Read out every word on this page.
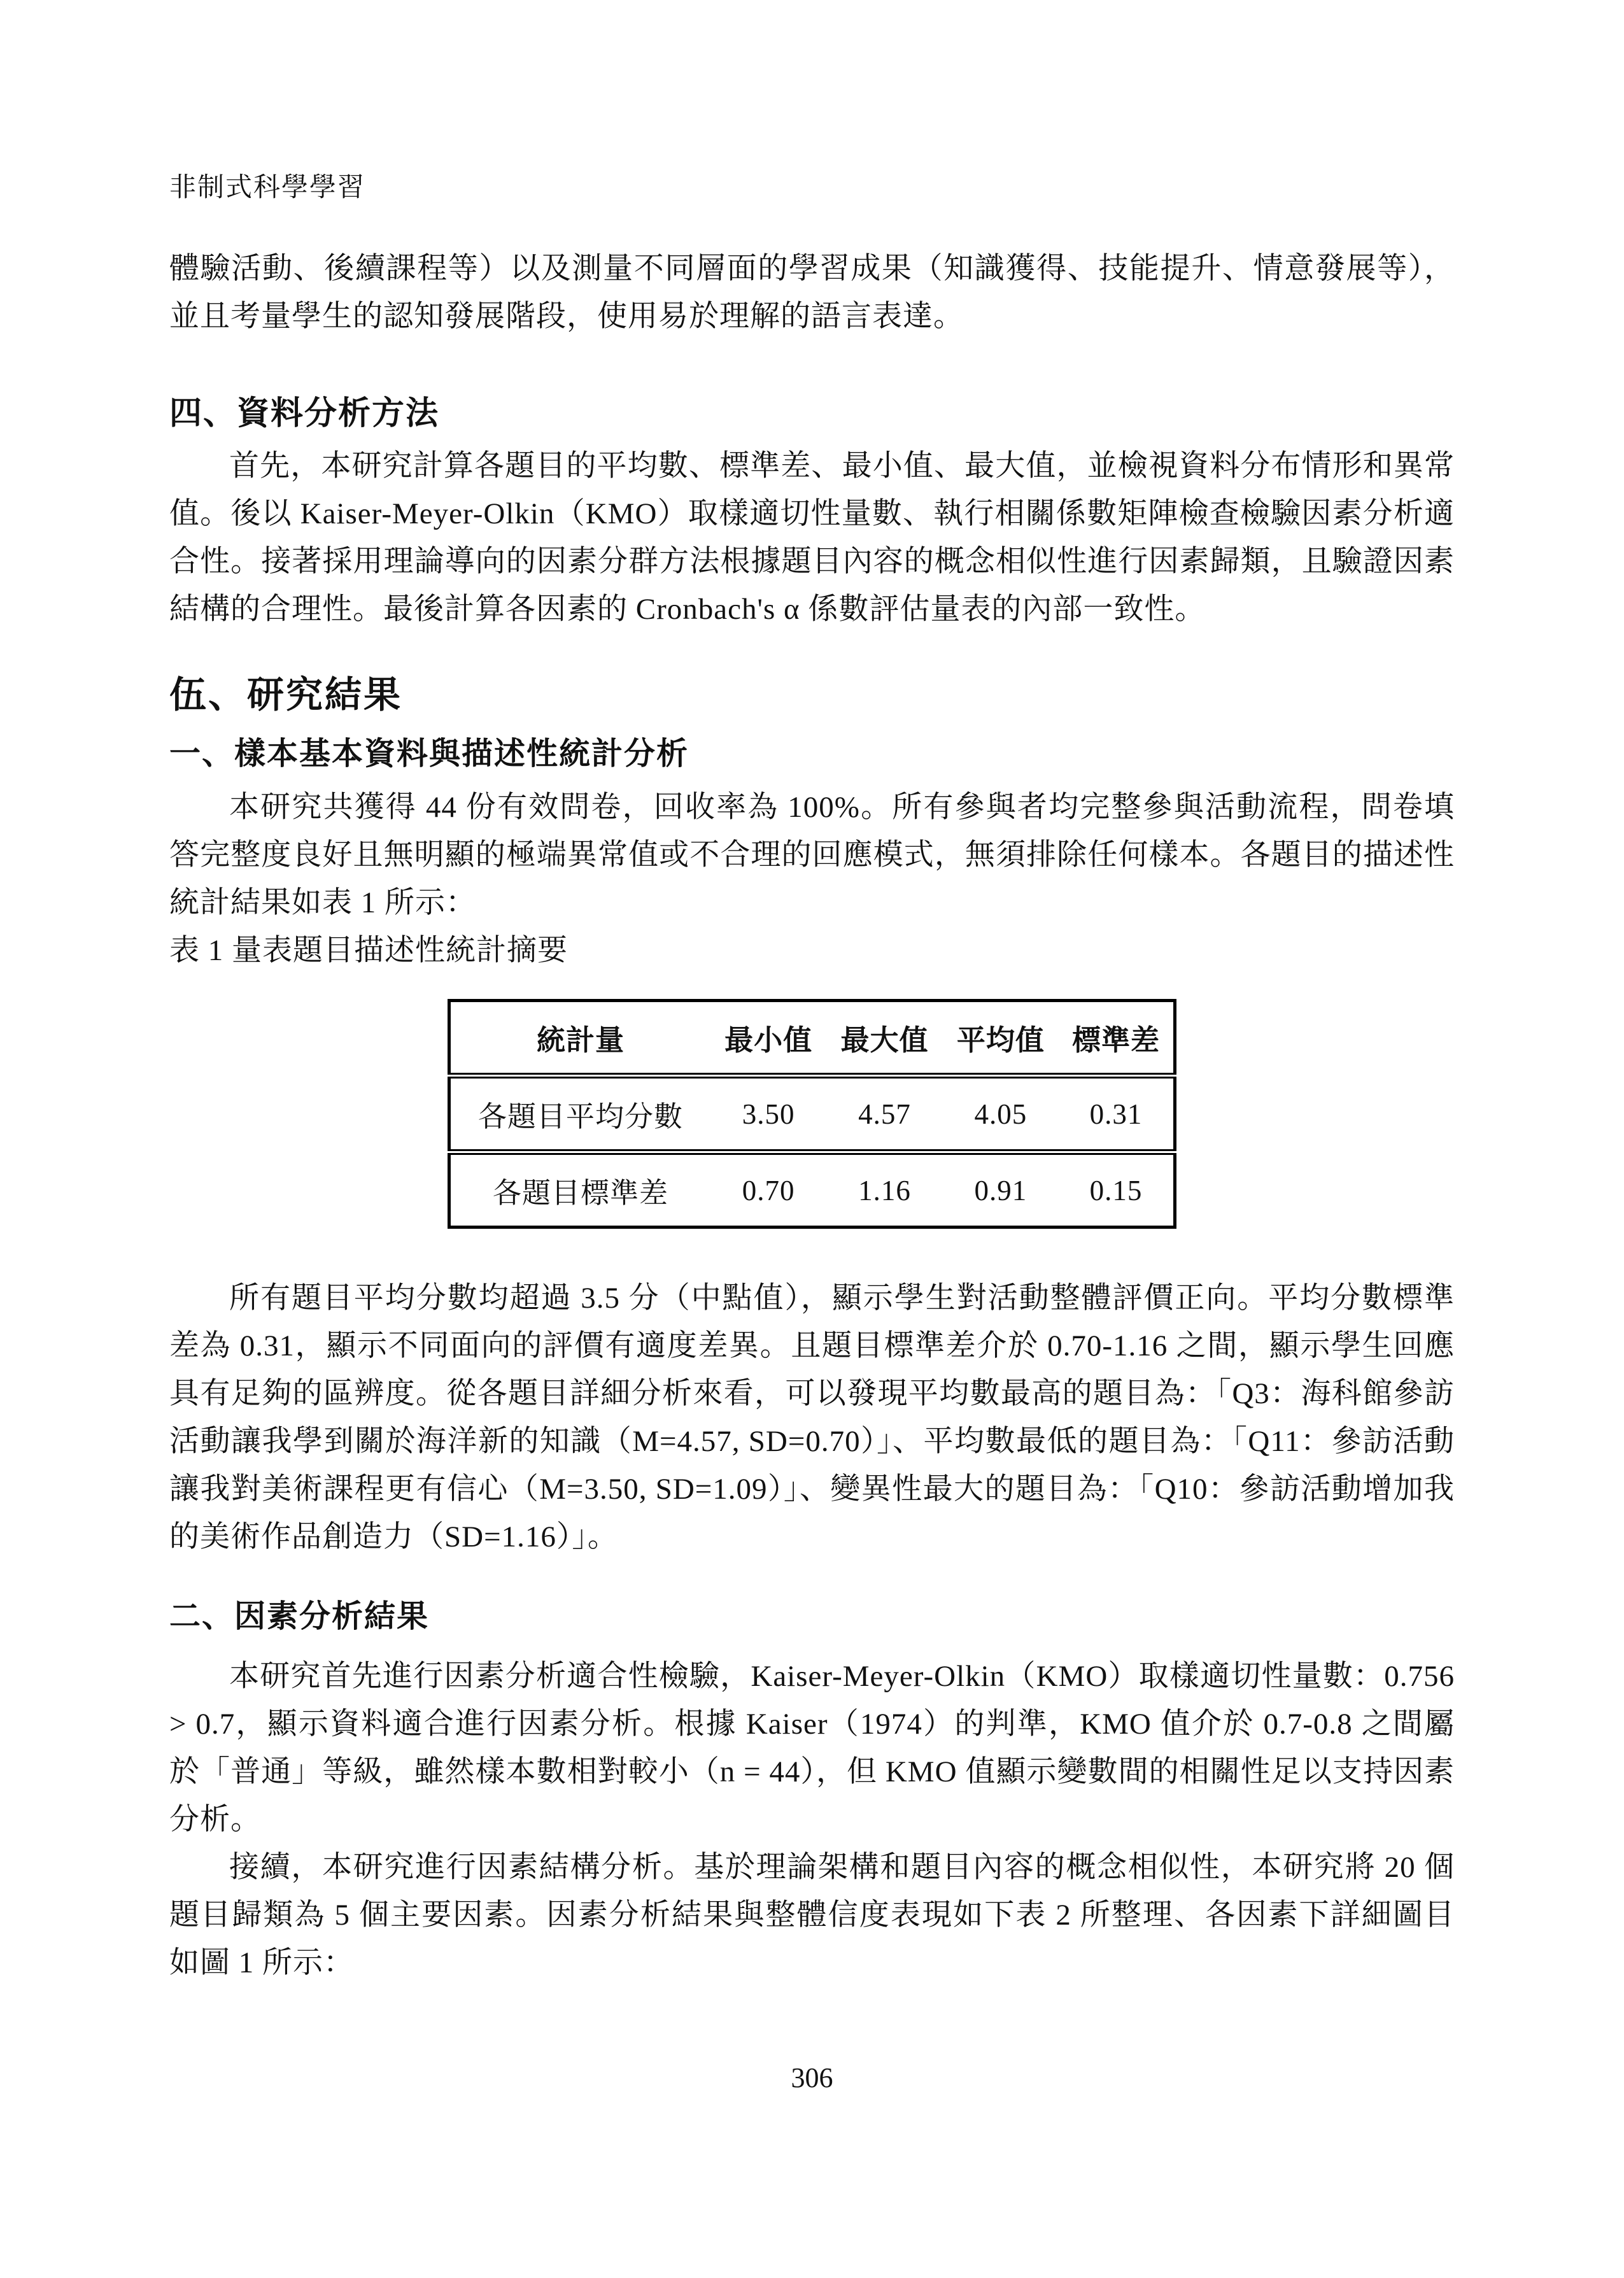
非制式科學學習

體驗活動、後續課程等）以及測量不同層面的學習成果（知識獲得、技能提升、情意發展等），並且考量學生的認知發展階段，使用易於理解的語言表達。

四、資料分析方法

首先，本研究計算各題目的平均數、標準差、最小值、最大值，並檢視資料分布情形和異常值。後以 Kaiser-Meyer-Olkin（KMO）取樣適切性量數、執行相關係數矩陣檢查檢驗因素分析適合性。接著採用理論導向的因素分群方法根據題目內容的概念相似性進行因素歸類，且驗證因素結構的合理性。最後計算各因素的 Cronbach's α 係數評估量表的內部一致性。

伍、研究結果
一、樣本基本資料與描述性統計分析

本研究共獲得 44 份有效問卷，回收率為 100%。所有參與者均完整參與活動流程，問卷填答完整度良好且無明顯的極端異常值或不合理的回應模式，無須排除任何樣本。各題目的描述性統計結果如表 1 所示：

表 1 量表題目描述性統計摘要

統計量	最小值	最大值	平均值	標準差
各題目平均分數	3.50	4.57	4.05	0.31
各題目標準差	0.70	1.16	0.91	0.15

所有題目平均分數均超過 3.5 分（中點值），顯示學生對活動整體評價正向。平均分數標準差為 0.31，顯示不同面向的評價有適度差異。且題目標準差介於 0.70-1.16 之間，顯示學生回應具有足夠的區辨度。從各題目詳細分析來看，可以發現平均數最高的題目為：「Q3：海科館參訪活動讓我學到關於海洋新的知識（M=4.57, SD=0.70）」、平均數最低的題目為：「Q11：參訪活動讓我對美術課程更有信心（M=3.50, SD=1.09）」、變異性最大的題目為：「Q10：參訪活動增加我的美術作品創造力（SD=1.16）」。

二、因素分析結果

本研究首先進行因素分析適合性檢驗，Kaiser-Meyer-Olkin（KMO）取樣適切性量數：0.756 > 0.7，顯示資料適合進行因素分析。根據 Kaiser（1974）的判準，KMO 值介於 0.7-0.8 之間屬於「普通」等級，雖然樣本數相對較小（n = 44），但 KMO 值顯示變數間的相關性足以支持因素分析。

接續，本研究進行因素結構分析。基於理論架構和題目內容的概念相似性，本研究將 20 個題目歸類為 5 個主要因素。因素分析結果與整體信度表現如下表 2 所整理、各因素下詳細圖目如圖 1 所示：

306
